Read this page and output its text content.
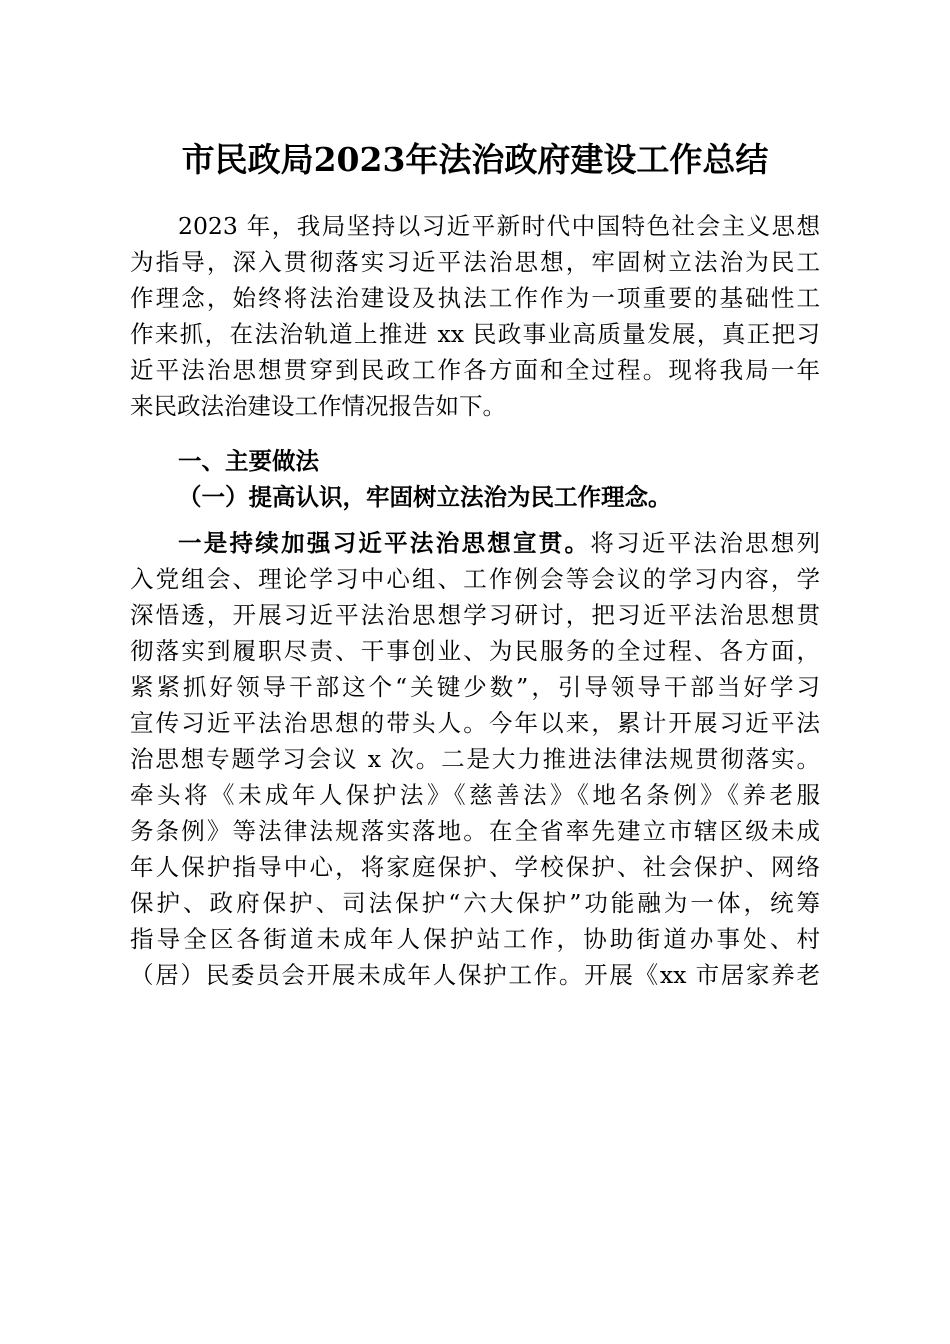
市民政局2023年法治政府建设工作总结
2023 年，我局坚持以习近平新时代中国特色社会主义思想
为指导，深入贯彻落实习近平法治思想，牢固树立法治为民工
作理念，始终将法治建设及执法工作作为一项重要的基础性工
作来抓，在法治轨道上推进 xx 民政事业高质量发展，真正把习
近平法治思想贯穿到民政工作各方面和全过程。现将我局一年
来民政法治建设工作情况报告如下。
一、主要做法
（一）提高认识，牢固树立法治为民工作理念。
一是持续加强习近平法治思想宣贯。将习近平法治思想列
入党组会、理论学习中心组、工作例会等会议的学习内容，学
深悟透，开展习近平法治思想学习研讨，把习近平法治思想贯
彻落实到履职尽责、干事创业、为民服务的全过程、各方面，
紧紧抓好领导干部这个“关键少数”，引导领导干部当好学习
宣传习近平法治思想的带头人。今年以来，累计开展习近平法
治思想专题学习会议 x 次。二是大力推进法律法规贯彻落实。
牵头将《未成年人保护法》《慈善法》《地名条例》《养老服
务条例》等法律法规落实落地。在全省率先建立市辖区级未成
年人保护指导中心，将家庭保护、学校保护、社会保护、网络
保护、政府保护、司法保护“六大保护”功能融为一体，统筹
指导全区各街道未成年人保护站工作，协助街道办事处、村
（居）民委员会开展未成年人保护工作。开展《xx 市居家养老
